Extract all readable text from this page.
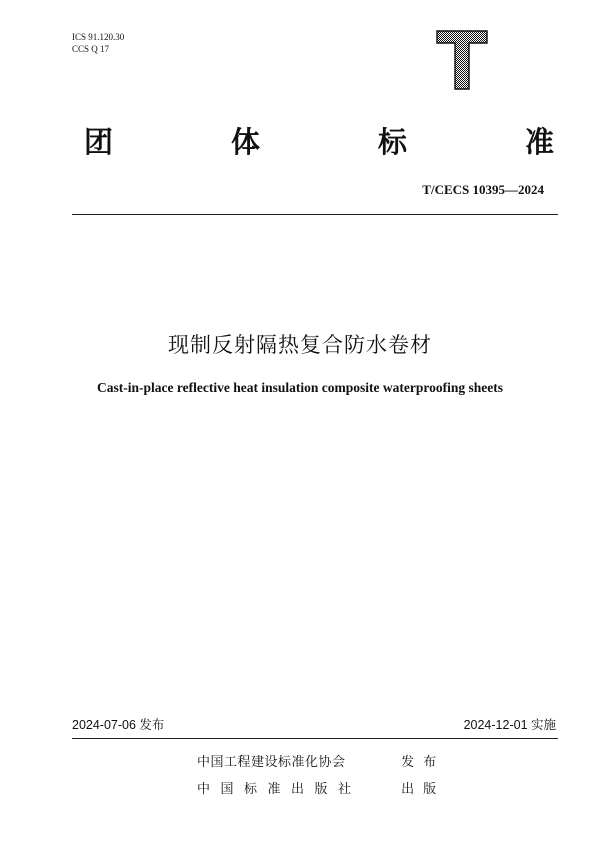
ICS 91.120.30
CCS Q 17
团	体	标	准
T/CECS 10395—2024
现制反射隔热复合防水卷材
Cast-in-place reflective heat insulation composite waterproofing sheets
2024-07-06 发布	2024-12-01 实施
中国工程建设标准化协会	发布
中国标准出版社	出版
